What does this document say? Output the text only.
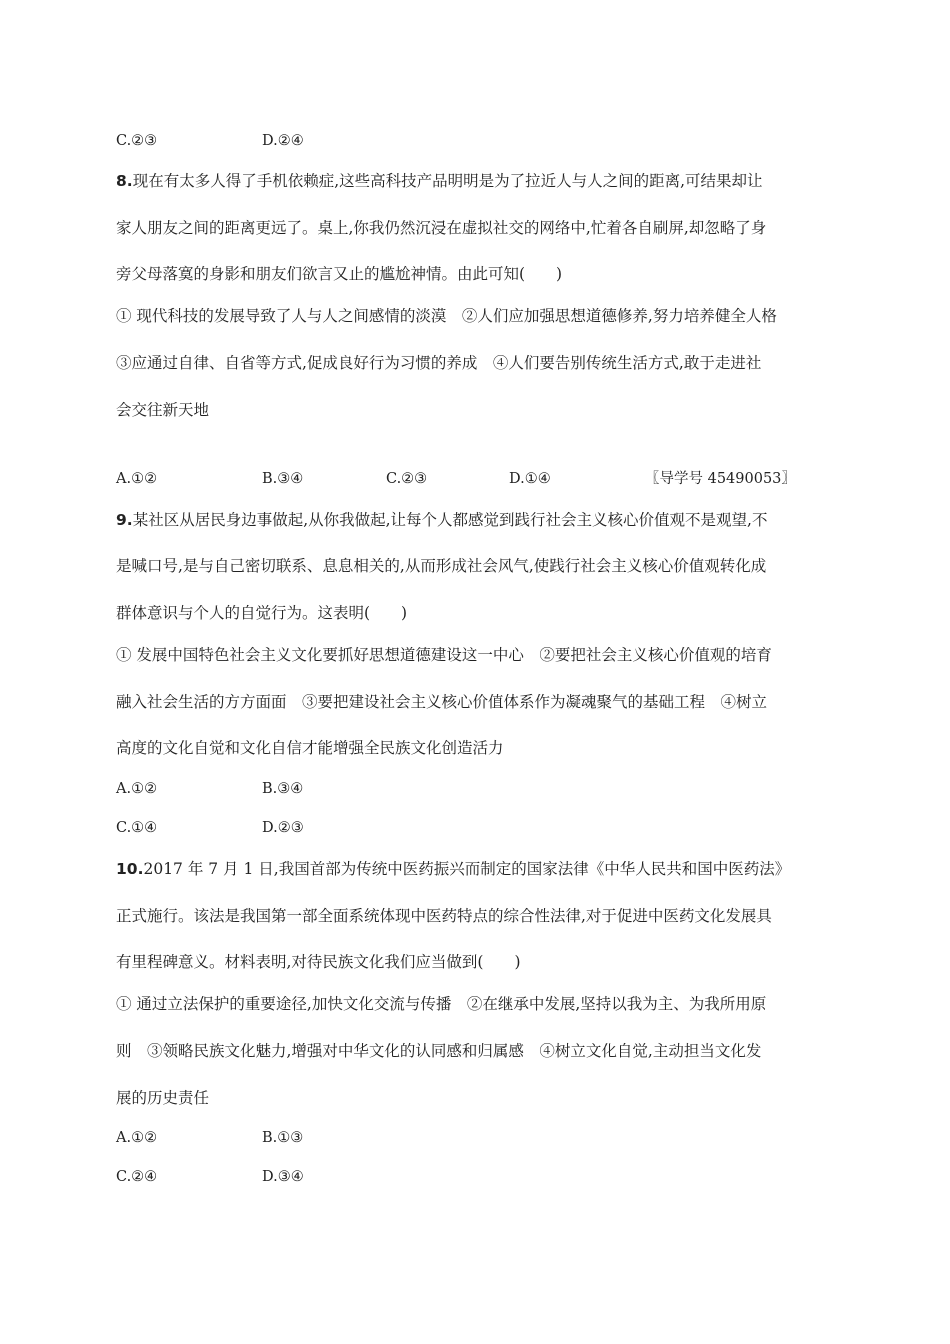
C.②③	D.②④
8.现在有太多人得了手机依赖症,这些高科技产品明明是为了拉近人与人之间的距离,可结果却让
家人朋友之间的距离更远了。桌上,你我仍然沉浸在虚拟社交的网络中,忙着各自刷屏,却忽略了身
旁父母落寞的身影和朋友们欲言又止的尴尬神情。由此可知(　　)
① 现代科技的发展导致了人与人之间感情的淡漠　②人们应加强思想道德修养,努力培养健全人格
③应通过自律、自省等方式,促成良好行为习惯的养成　④人们要告别传统生活方式,敢于走进社
会交往新天地
A.①②	B.③④	C.②③	D.①④	〖导学号 45490053〗
9.某社区从居民身边事做起,从你我做起,让每个人都感觉到践行社会主义核心价值观不是观望,不
是喊口号,是与自己密切联系、息息相关的,从而形成社会风气,使践行社会主义核心价值观转化成
群体意识与个人的自觉行为。这表明(　　)
① 发展中国特色社会主义文化要抓好思想道德建设这一中心　②要把社会主义核心价值观的培育
融入社会生活的方方面面　③要把建设社会主义核心价值体系作为凝魂聚气的基础工程　④树立
高度的文化自觉和文化自信才能增强全民族文化创造活力
A.①②	B.③④
C.①④	D.②③
10.2017 年 7 月 1 日,我国首部为传统中医药振兴而制定的国家法律《中华人民共和国中医药法》
正式施行。该法是我国第一部全面系统体现中医药特点的综合性法律,对于促进中医药文化发展具
有里程碑意义。材料表明,对待民族文化我们应当做到(　　)
① 通过立法保护的重要途径,加快文化交流与传播　②在继承中发展,坚持以我为主、为我所用原
则　③领略民族文化魅力,增强对中华文化的认同感和归属感　④树立文化自觉,主动担当文化发
展的历史责任
A.①②	B.①③
C.②④	D.③④
